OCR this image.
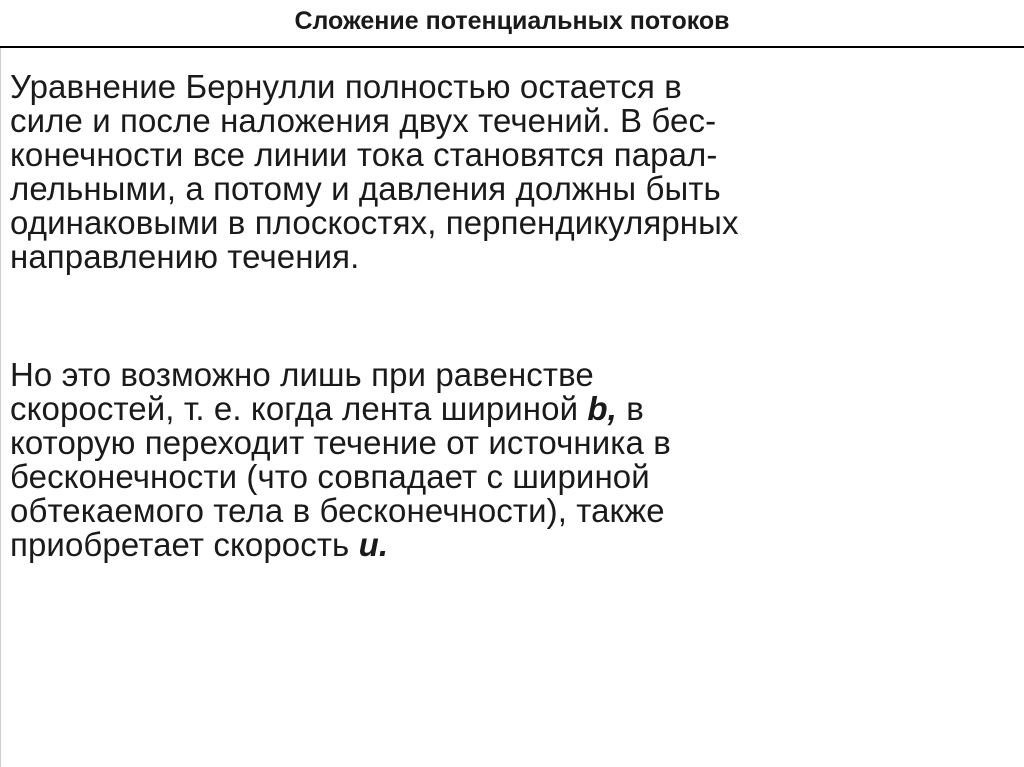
Сложение потенциальных потоков

Уравнение Бернулли полностью остается в
силе и после наложения двух течений. В бес-
конечности все линии тока становятся парал-
лельными, а потому и давления должны быть
одинаковыми в плоскостях, перпендикулярных
направлению течения.

Но это возможно лишь при равенстве
скоростей, т. е. когда лента шириной b, в
которую переходит течение от источника в
бесконечности (что совпадает с шириной
обтекаемого тела в бесконечности), также
приобретает скорость u.
